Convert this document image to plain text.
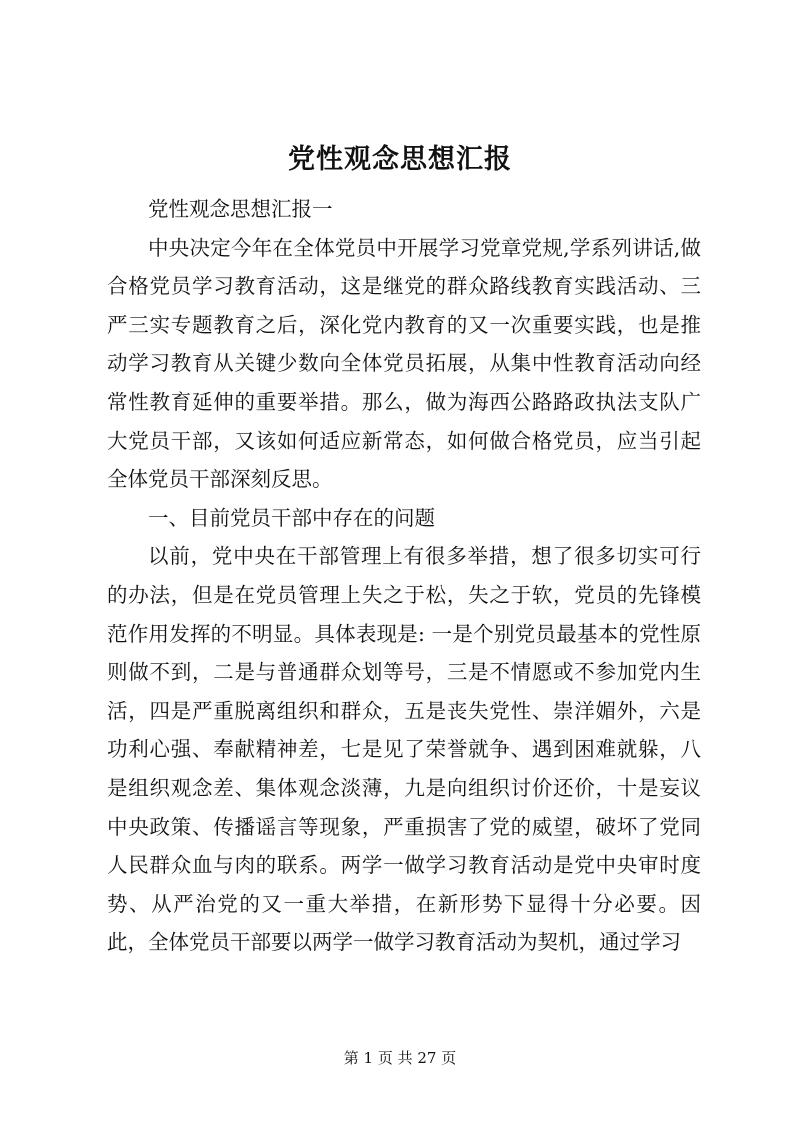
党性观念思想汇报

党性观念思想汇报一

中央决定今年在全体党员中开展学习党章党规,学系列讲话,做合格党员学习教育活动，这是继党的群众路线教育实践活动、三严三实专题教育之后，深化党内教育的又一次重要实践，也是推动学习教育从关键少数向全体党员拓展，从集中性教育活动向经常性教育延伸的重要举措。那么，做为海西公路路政执法支队广大党员干部，又该如何适应新常态，如何做合格党员，应当引起全体党员干部深刻反思。

一、目前党员干部中存在的问题

以前，党中央在干部管理上有很多举措，想了很多切实可行的办法，但是在党员管理上失之于松，失之于软，党员的先锋模范作用发挥的不明显。具体表现是: 一是个别党员最基本的党性原则做不到，二是与普通群众划等号，三是不情愿或不参加党内生活，四是严重脱离组织和群众，五是丧失党性、崇洋媚外，六是功利心强、奉献精神差，七是见了荣誉就争、遇到困难就躲，八是组织观念差、集体观念淡薄，九是向组织讨价还价，十是妄议中央政策、传播谣言等现象，严重损害了党的威望，破坏了党同人民群众血与肉的联系。两学一做学习教育活动是党中央审时度势、从严治党的又一重大举措，在新形势下显得十分必要。因此，全体党员干部要以两学一做学习教育活动为契机，通过学习

第 1 页 共 27 页
